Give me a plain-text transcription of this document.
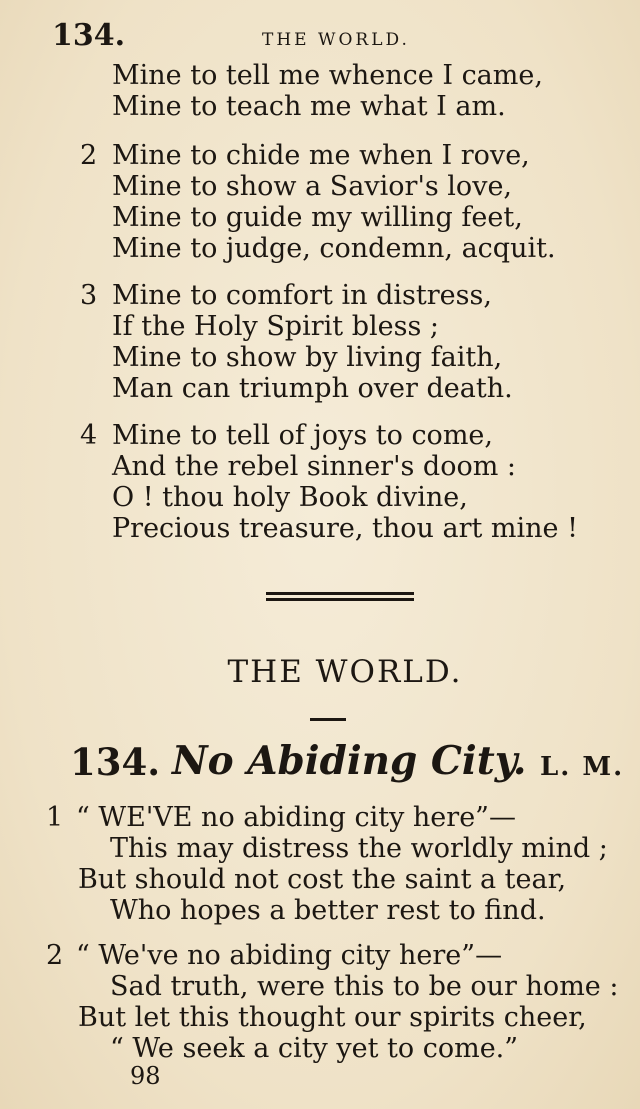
134.	THE WORLD.
Mine to tell me whence I came,
Mine to teach me what I am.
2 Mine to chide me when I rove,
Mine to show a Savior's love,
Mine to guide my willing feet,
Mine to judge, condemn, acquit.
3 Mine to comfort in distress,
If the Holy Spirit bless ;
Mine to show by living faith,
Man can triumph over death.
4 Mine to tell of joys to come,
And the rebel sinner's doom :
O ! thou holy Book divine,
Precious treasure, thou art mine !
THE WORLD.
134. No Abiding City. L. M.
1 “ WE'VE no abiding city here”—
This may distress the worldly mind ;
But should not cost the saint a tear,
Who hopes a better rest to find.
2 “ We've no abiding city here”—
Sad truth, were this to be our home :
But let this thought our spirits cheer,
“ We seek a city yet to come.”
98
